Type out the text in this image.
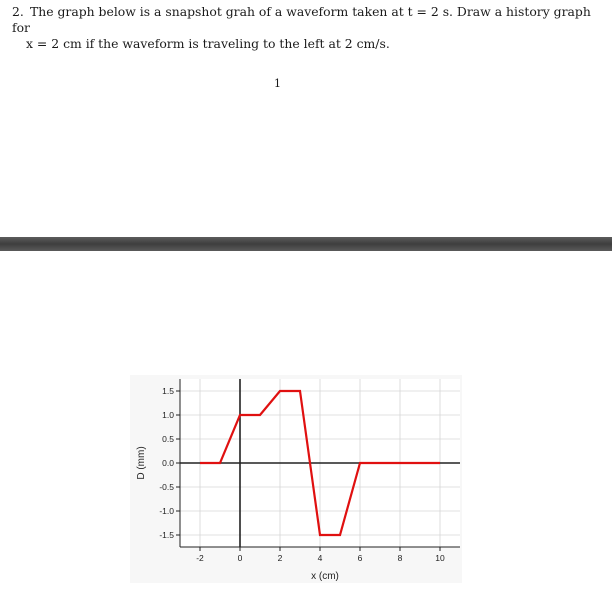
2. The graph below is a snapshot grah of a waveform taken at t = 2 s. Draw a history graph for
x = 2 cm if the waveform is traveling to the left at 2 cm/s.
1
-2	0	2	4	6	8	10
1.5
1.0
0.5
0.0
-0.5
-1.0
-1.5
x (cm)
D (mm)
